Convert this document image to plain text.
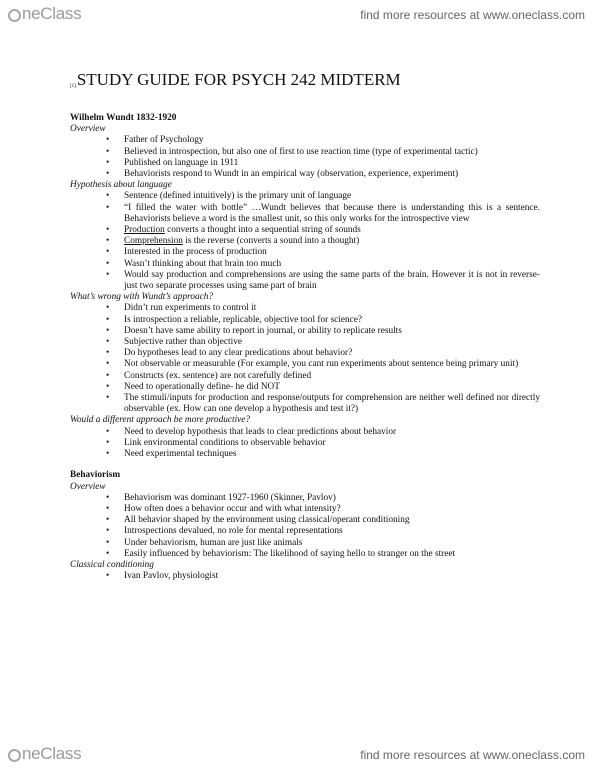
neClass	find more resources at www.oneclass.com
[1]STUDY GUIDE FOR PSYCH 242 MIDTERM
Wilhelm Wundt 1832-1920
Overview
• Father of Psychology
• Believed in introspection, but also one of first to use reaction time (type of experimental tactic)
• Published on language in 1911
• Behaviorists respond to Wundt in an empirical way (observation, experience, experiment)
Hypothesis about language
• Sentence (defined intuitively) is the primary unit of language
• “I filled the water with bottle” …Wundt believes that because there is understanding this is a sentence. Behaviorists believe a word is the smallest unit, so this only works for the introspective view
• Production converts a thought into a sequential string of sounds
• Comprehension is the reverse (converts a sound into a thought)
• Interested in the process of production
• Wasn’t thinking about that brain too much
• Would say production and comprehensions are using the same parts of the brain. However it is not in reverse-just two separate processes using same part of brain
What’s wrong with Wundt’s approach?
• Didn’t run experiments to control it
• Is introspection a reliable, replicable, objective tool for science?
• Doesn’t have same ability to report in journal, or ability to replicate results
• Subjective rather than objective
• Do hypotheses lead to any clear predications about behavior?
• Not observable or measurable (For example, you cant run experiments about sentence being primary unit)
• Constructs (ex. sentence) are not carefully defined
• Need to operationally define- he did NOT
• The stimuli/inputs for production and response/outputs for comprehension are neither well defined nor directly observable (ex. How can one develop a hypothesis and test it?)
Would a different approach be more productive?
• Need to develop hypothesis that leads to clear predictions about behavior
• Link environmental conditions to observable behavior
• Need experimental techniques
Behaviorism
Overview
• Behaviorism was dominant 1927-1960 (Skinner, Pavlov)
• How often does a behavior occur and with what intensity?
• All behavior shaped by the environment using classical/operant conditioning
• Introspections devalued, no role for mental representations
• Under behaviorism, human are just like animals
• Easily influenced by behaviorism: The likelihood of saying hello to stranger on the street
Classical conditioning
• Ivan Pavlov, physiologist
neClass	find more resources at www.oneclass.com
